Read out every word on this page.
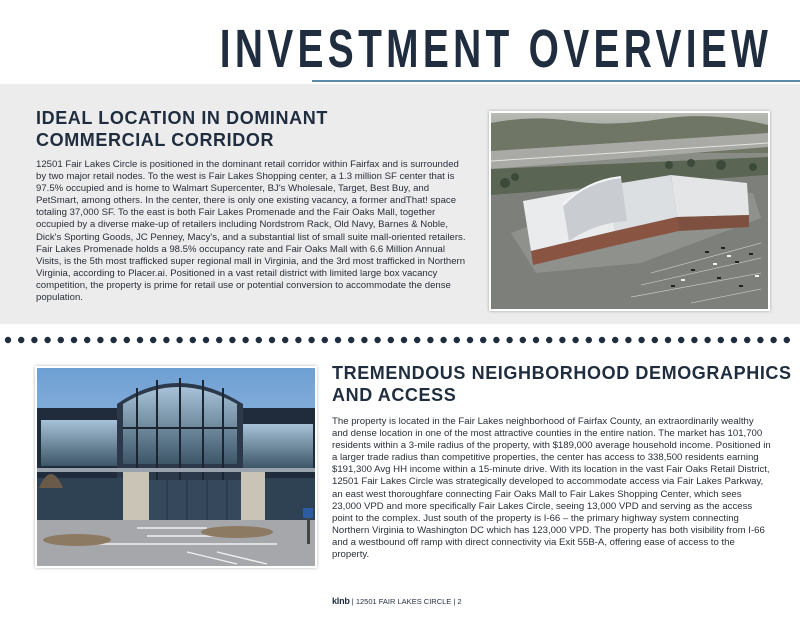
INVESTMENT OVERVIEW
IDEAL LOCATION IN DOMINANT COMMERCIAL CORRIDOR

12501 Fair Lakes Circle is positioned in the dominant retail corridor within Fairfax and is surrounded by two major retail nodes. To the west is Fair Lakes Shopping center, a 1.3 million SF center that is 97.5% occupied and is home to Walmart Supercenter, BJ's Wholesale, Target, Best Buy, and PetSmart, among others. In the center, there is only one existing vacancy, a former andThat! space totaling 37,000 SF. To the east is both Fair Lakes Promenade and the Fair Oaks Mall, together occupied by a diverse make-up of retailers including Nordstrom Rack, Old Navy, Barnes & Noble, Dick's Sporting Goods, JC Penney, Macy's, and a substantial list of small suite mall-oriented retailers. Fair Lakes Promenade holds a 98.5% occupancy rate and Fair Oaks Mall with 6.6 Million Annual Visits, is the 5th most trafficked super regional mall in Virginia, and the 3rd most trafficked in Northern Virginia, according to Placer.ai. Positioned in a vast retail district with limited large box vacancy competition, the property is prime for retail use or potential conversion to accommodate the dense population.

TREMENDOUS NEIGHBORHOOD DEMOGRAPHICS AND ACCESS

The property is located in the Fair Lakes neighborhood of Fairfax County, an extraordinarily wealthy and dense location in one of the most attractive counties in the entire nation. The market has 101,700 residents within a 3-mile radius of the property, with $189,000 average household income. Positioned in a larger trade radius than competitive properties, the center has access to 338,500 residents earning $191,300 Avg HH income within a 15-minute drive. With its location in the vast Fair Oaks Retail District, 12501 Fair Lakes Circle was strategically developed to accommodate access via Fair Lakes Parkway, an east west thoroughfare connecting Fair Oaks Mall to Fair Lakes Shopping Center, which sees 23,000 VPD and more specifically Fair Lakes Circle, seeing 13,000 VPD and serving as the access point to the complex. Just south of the property is I-66 – the primary highway system connecting Northern Virginia to Washington DC which has 123,000 VPD. The property has both visibility from I-66 and a westbound off ramp with direct connectivity via Exit 55B-A, offering ease of access to the property.

klnb | 12501 FAIR LAKES CIRCLE | 2
